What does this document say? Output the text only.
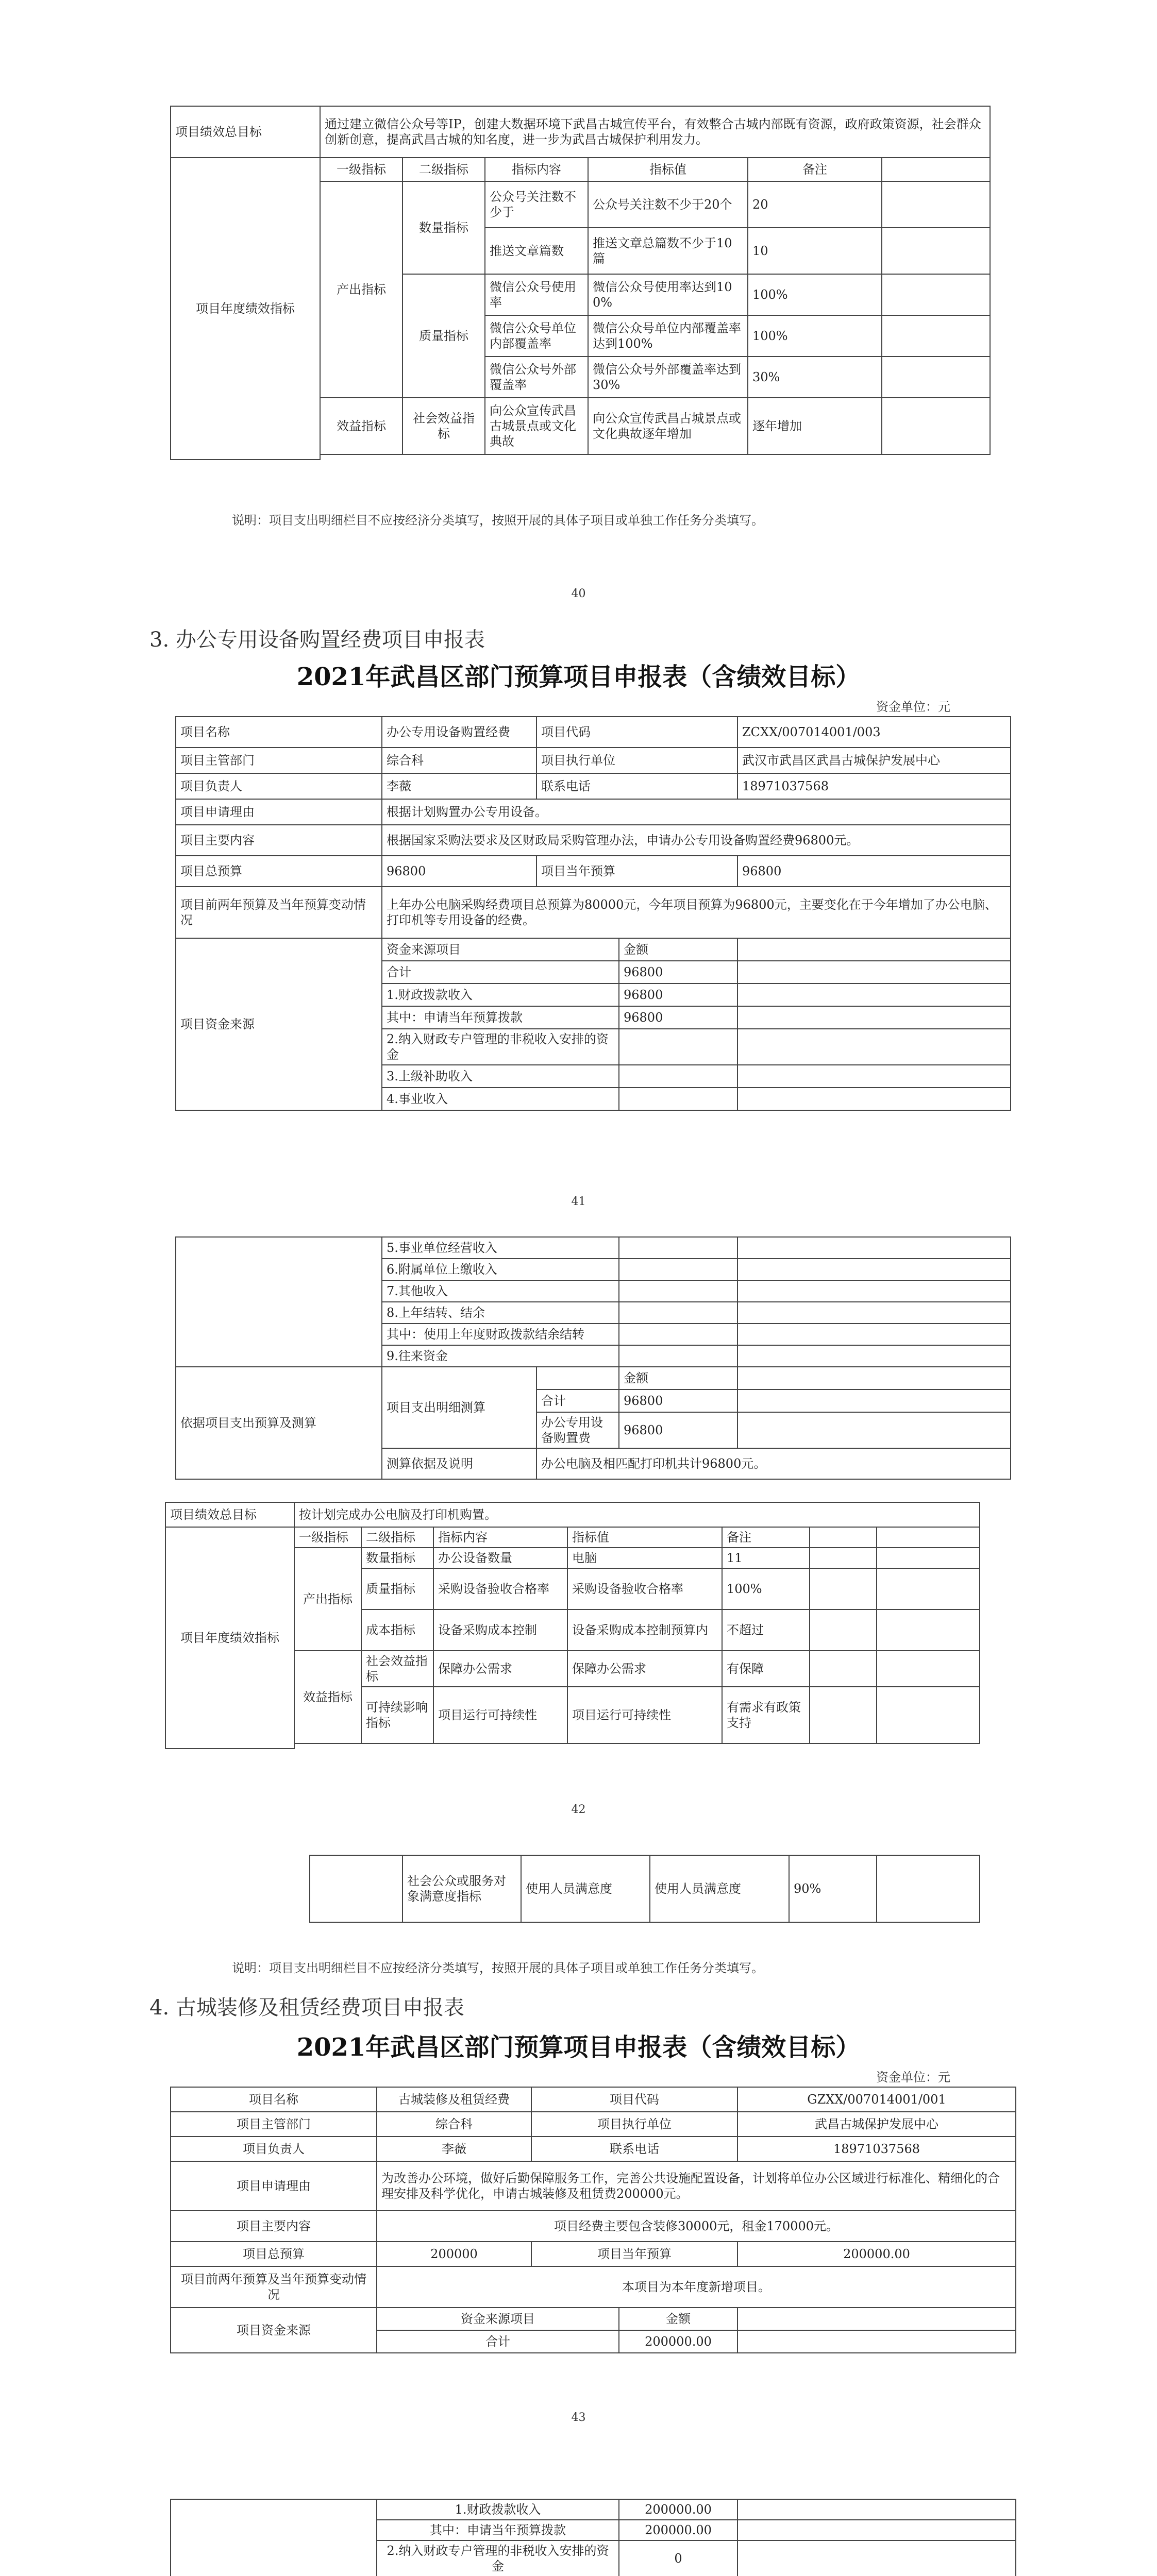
项目绩效总目标	通过建立微信公众号等IP，创建大数据环境下武昌古城宣传平台，有效整合古城内部既有资源，政府政策资源，社会群众创新创意，提高武昌古城的知名度，进一步为武昌古城保护利用发力。					
项目年度绩效指标	一级指标	二级指标	指标内容	指标值	备注	
	产出指标	数量指标	公众号关注数不少于	公众号关注数不少于20个	20	
			推送文章篇数	推送文章总篇数不少于10篇	10	
		质量指标	微信公众号使用率	微信公众号使用率达到100%	100%	
			微信公众号单位内部覆盖率	微信公众号单位内部覆盖率达到100%	100%	
			微信公众号外部覆盖率	微信公众号外部覆盖率达到30%	30%	
	效益指标	社会效益指标	向公众宣传武昌古城景点或文化典故	向公众宣传武昌古城景点或文化典故逐年增加	逐年增加	

说明：项目支出明细栏目不应按经济分类填写，按照开展的具体子项目或单独工作任务分类填写。
40
3. 办公专用设备购置经费项目申报表
2021年武昌区部门预算项目申报表（含绩效目标）
资金单位：元
项目名称	办公专用设备购置经费	项目代码		ZCXX/007014001/003
项目主管部门	综合科	项目执行单位		武汉市武昌区武昌古城保护发展中心
项目负责人	李薇	联系电话		18971037568
项目申请理由	根据计划购置办公专用设备。			
项目主要内容	根据国家采购法要求及区财政局采购管理办法，申请办公专用设备购置经费96800元。			
项目总预算	96800	项目当年预算		96800
项目前两年预算及当年预算变动情况	上年办公电脑采购经费项目总预算为80000元，今年项目预算为96800元，主要变化在于今年增加了办公电脑、打印机等专用设备的经费。			
项目资金来源	资金来源项目		金额	
	合计		96800	
	1.财政拨款收入		96800	
	其中：申请当年预算拨款		96800	
	2.纳入财政专户管理的非税收入安排的资金			
	3.上级补助收入			
	4.事业收入			
41
	5.事业单位经营收入			
	6.附属单位上缴收入			
	7.其他收入			
	8.上年结转、结余			
	其中：使用上年度财政拨款结余结转			
	9.往来资金			
依据项目支出预算及测算	项目支出明细测算		金额	
		合计	96800	
		办公专用设备购置费	96800	
	测算依据及说明	办公电脑及相匹配打印机共计96800元。		
项目绩效总目标	按计划完成办公电脑及打印机购置。						
项目年度绩效指标	一级指标	二级指标	指标内容	指标值	备注		
	产出指标	数量指标	办公设备数量	电脑	11		
		质量指标	采购设备验收合格率	采购设备验收合格率	100%		
		成本指标	设备采购成本控制	设备采购成本控制预算内	不超过		
	效益指标	社会效益指标	保障办公需求	保障办公需求	有保障		
		可持续影响指标	项目运行可持续性	项目运行可持续性	有需求有政策支持		

42
	社会公众或服务对象满意度指标	使用人员满意度	使用人员满意度	90%	
说明：项目支出明细栏目不应按经济分类填写，按照开展的具体子项目或单独工作任务分类填写。
4. 古城装修及租赁经费项目申报表
2021年武昌区部门预算项目申报表（含绩效目标）
资金单位：元
项目名称	古城装修及租赁经费	项目代码		GZXX/007014001/001
项目主管部门	综合科	项目执行单位		武昌古城保护发展中心
项目负责人	李薇	联系电话		18971037568
项目申请理由	为改善办公环境，做好后勤保障服务工作，完善公共设施配置设备，计划将单位办公区域进行标准化、精细化的合理安排及科学优化，申请古城装修及租赁费200000元。			
项目主要内容	项目经费主要包含装修30000元，租金170000元。			
项目总预算	200000	项目当年预算		200000.00
项目前两年预算及当年预算变动情况	本项目为本年度新增项目。			
项目资金来源	资金来源项目		金额	
	合计		200000.00	
43
	1.财政拨款收入		200000.00	
	其中：申请当年预算拨款		200000.00	
	2.纳入财政专户管理的非税收入安排的资金		0	
